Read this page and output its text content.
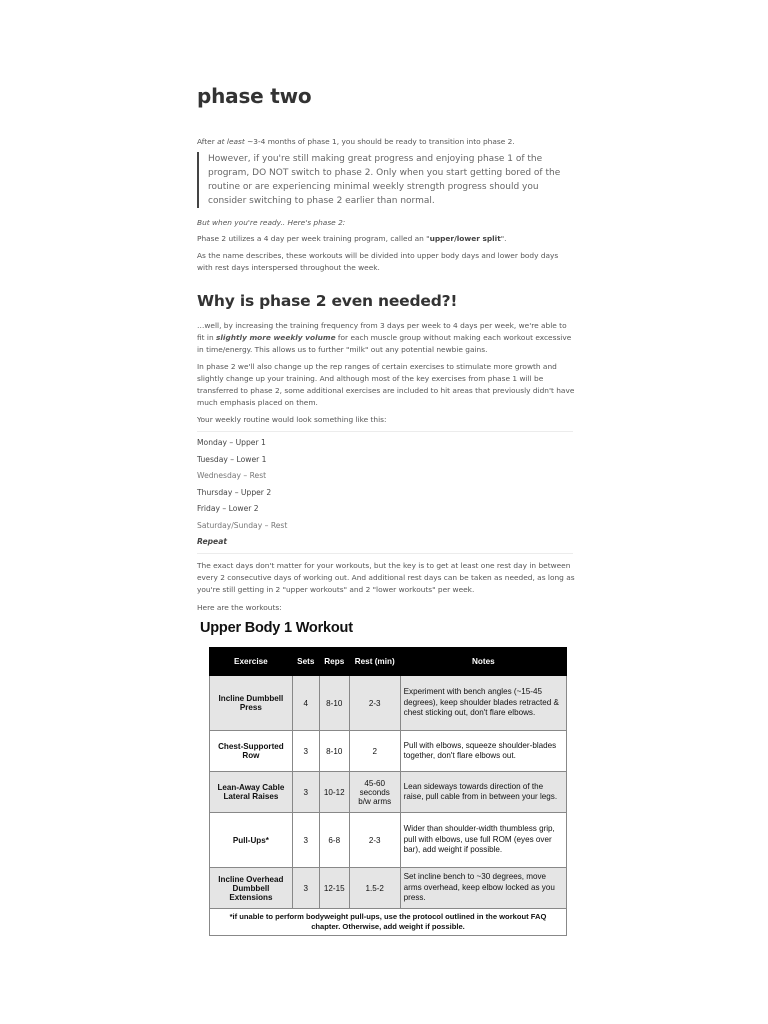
phase two

After at least ~3-4 months of phase 1, you should be ready to transition into phase 2.

However, if you're still making great progress and enjoying phase 1 of the program, DO NOT switch to phase 2. Only when you start getting bored of the routine or are experiencing minimal weekly strength progress should you consider switching to phase 2 earlier than normal.

But when you're ready.. Here's phase 2:

Phase 2 utilizes a 4 day per week training program, called an "upper/lower split".

As the name describes, these workouts will be divided into upper body days and lower body days with rest days interspersed throughout the week.

Why is phase 2 even needed?!

…well, by increasing the training frequency from 3 days per week to 4 days per week, we're able to fit in slightly more weekly volume for each muscle group without making each workout excessive in time/energy. This allows us to further "milk" out any potential newbie gains.

In phase 2 we'll also change up the rep ranges of certain exercises to stimulate more growth and slightly change up your training. And although most of the key exercises from phase 1 will be transferred to phase 2, some additional exercises are included to hit areas that previously didn't have much emphasis placed on them.

Your weekly routine would look something like this:

Monday – Upper 1
Tuesday – Lower 1
Wednesday – Rest
Thursday – Upper 2
Friday – Lower 2
Saturday/Sunday – Rest
Repeat

The exact days don't matter for your workouts, but the key is to get at least one rest day in between every 2 consecutive days of working out. And additional rest days can be taken as needed, as long as you're still getting in 2 "upper workouts" and 2 "lower workouts" per week.

Here are the workouts:

Upper Body 1 Workout

Exercise	Sets	Reps	Rest (min)	Notes
Incline Dumbbell Press	4	8-10	2-3	Experiment with bench angles (~15-45 degrees), keep shoulder blades retracted & chest sticking out, don't flare elbows.
Chest-Supported Row	3	8-10	2	Pull with elbows, squeeze shoulder-blades together, don't flare elbows out.
Lean-Away Cable Lateral Raises	3	10-12	45-60 seconds b/w arms	Lean sideways towards direction of the raise, pull cable from in between your legs.
Pull-Ups*	3	6-8	2-3	Wider than shoulder-width thumbless grip, pull with elbows, use full ROM (eyes over bar), add weight if possible.
Incline Overhead Dumbbell Extensions	3	12-15	1.5-2	Set incline bench to ~30 degrees, move arms overhead, keep elbow locked as you press.
*if unable to perform bodyweight pull-ups, use the protocol outlined in the workout FAQ chapter. Otherwise, add weight if possible.				
